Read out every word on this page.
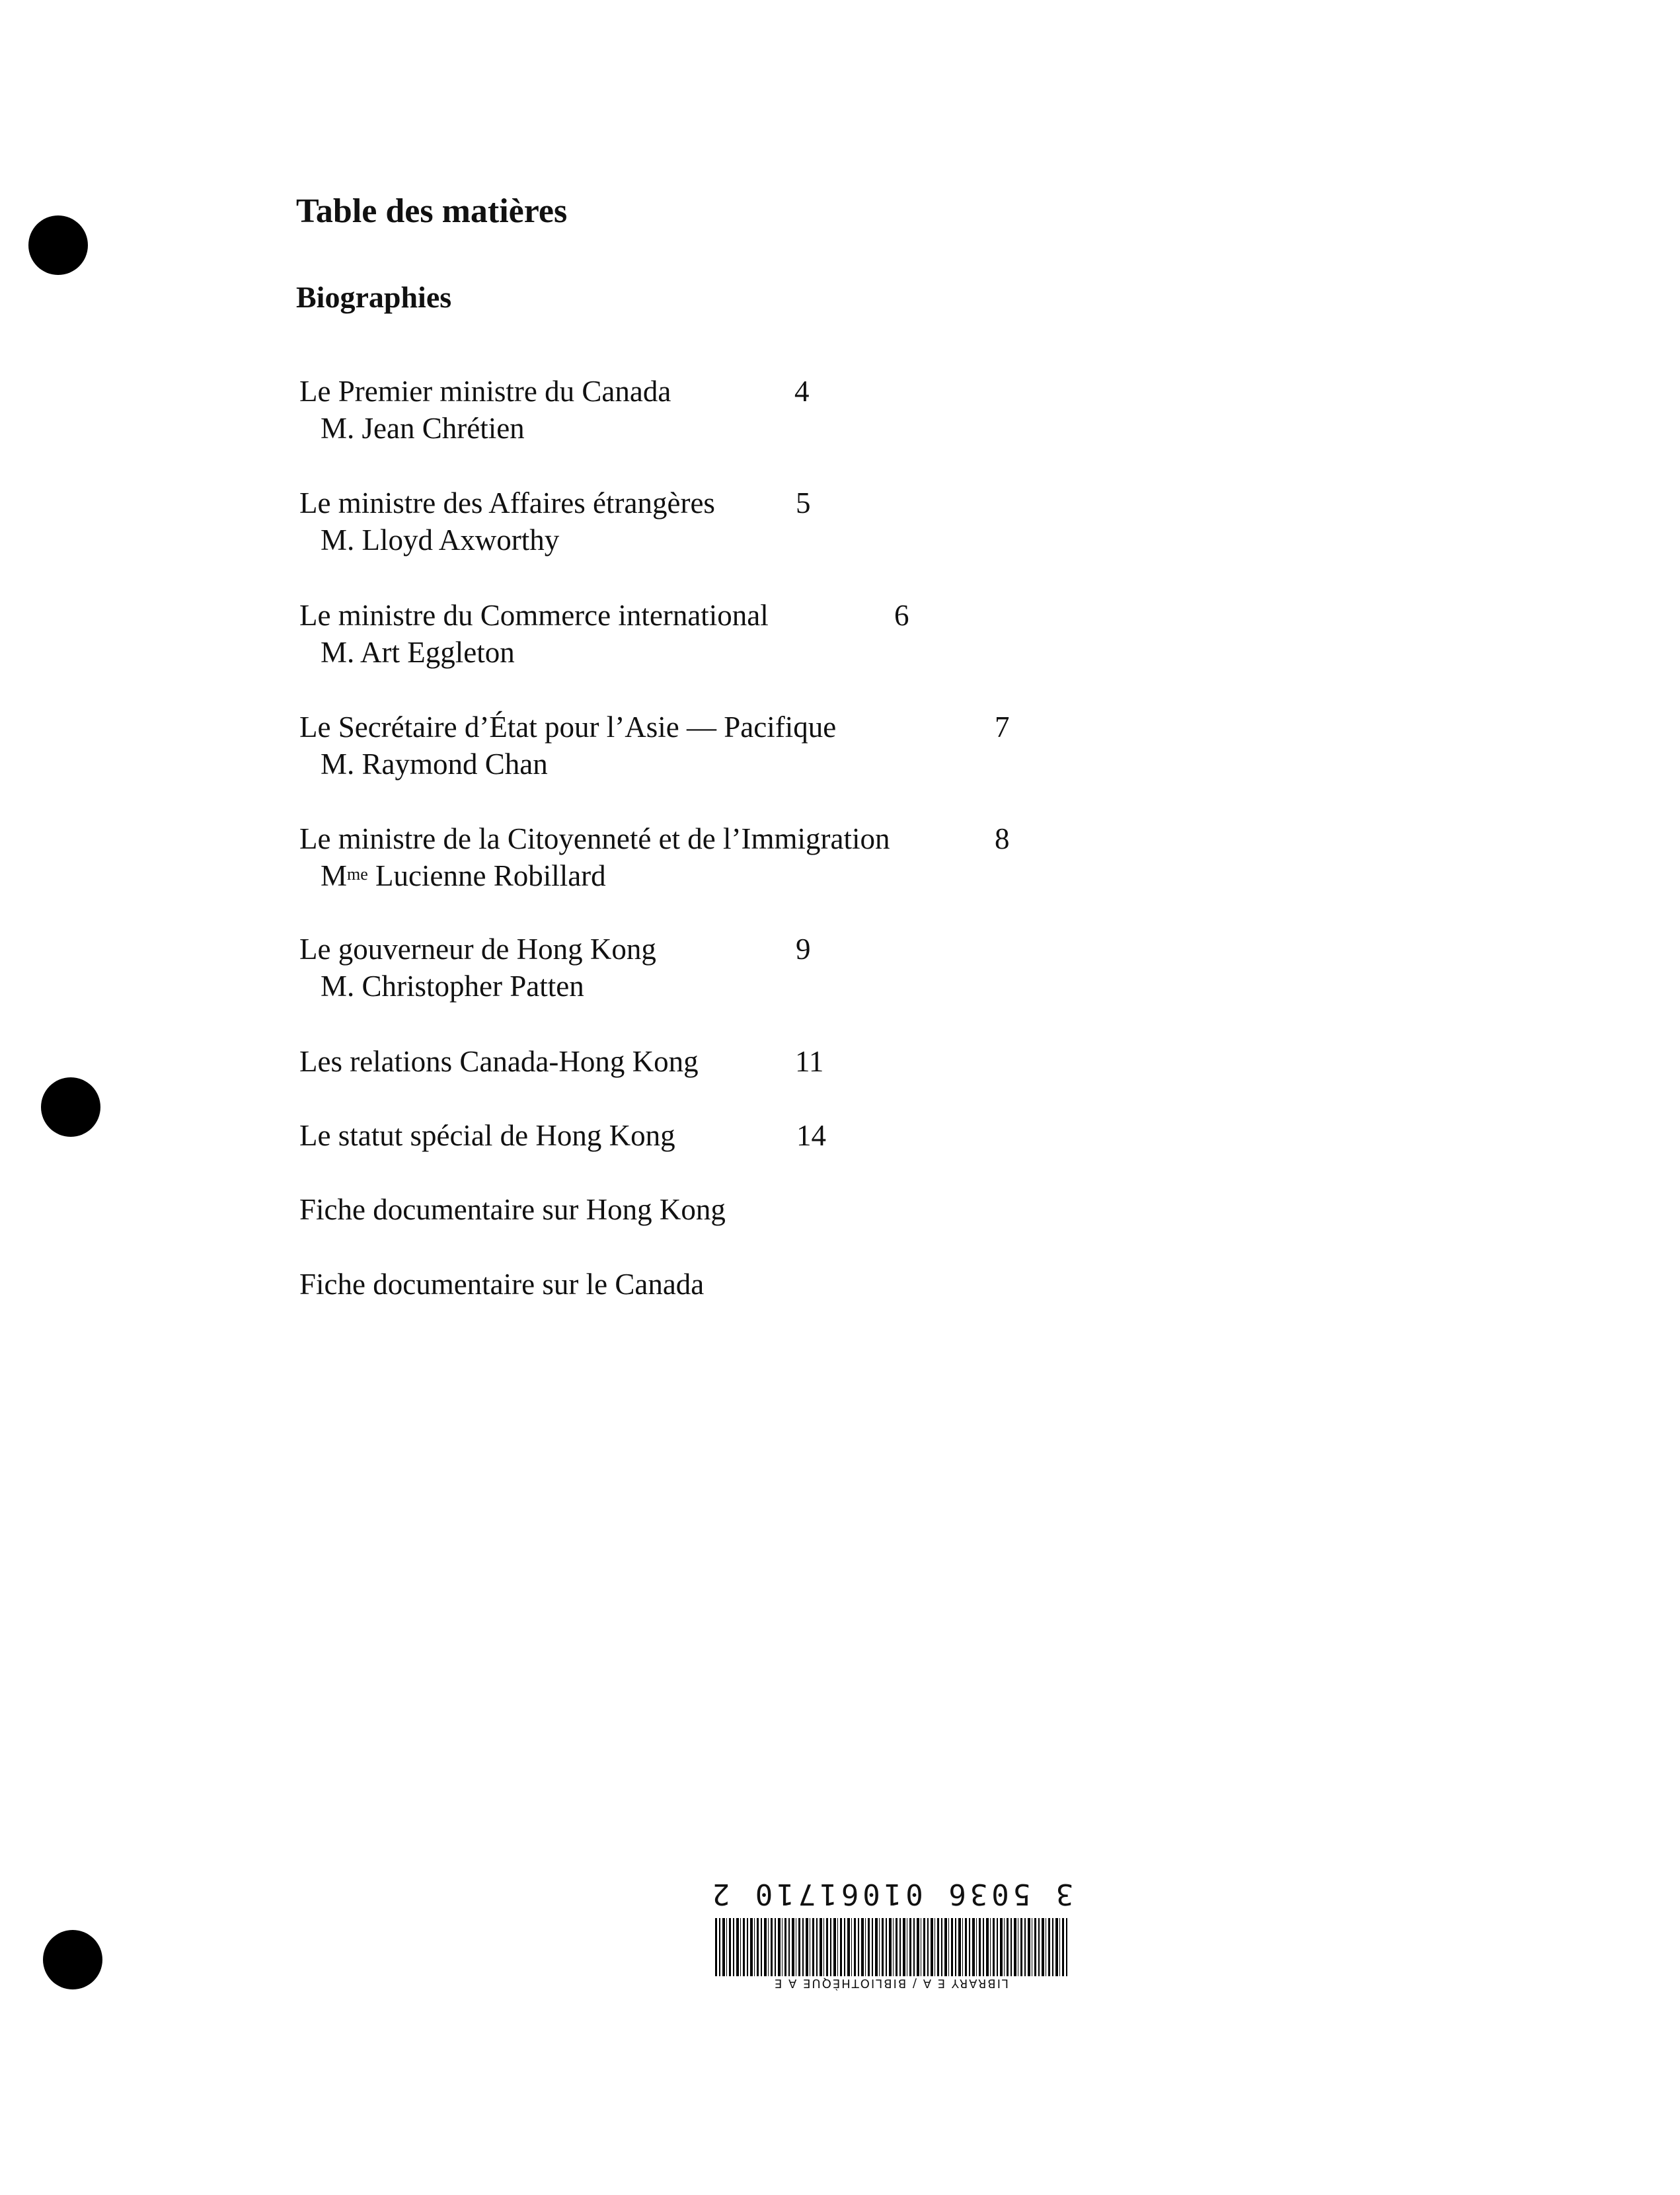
Table des matières
Biographies
Le Premier ministre du Canada	4
M. Jean Chrétien
Le ministre des Affaires étrangères	5
M. Lloyd Axworthy
Le ministre du Commerce international	6
M. Art Eggleton
Le Secrétaire d’État pour l’Asie — Pacifique	7
M. Raymond Chan
Le ministre de la Citoyenneté et de l’Immigration	8
$M^{me}$ Lucienne Robillard
Le gouverneur de Hong Kong	9
M. Christopher Patten
Les relations Canada-Hong Kong	11
Le statut spécial de Hong Kong	14
Fiche documentaire sur Hong Kong
Fiche documentaire sur le Canada
3 5036 01061710 2
LIBRARY E A / BIBLIOTHÈQUE A E
